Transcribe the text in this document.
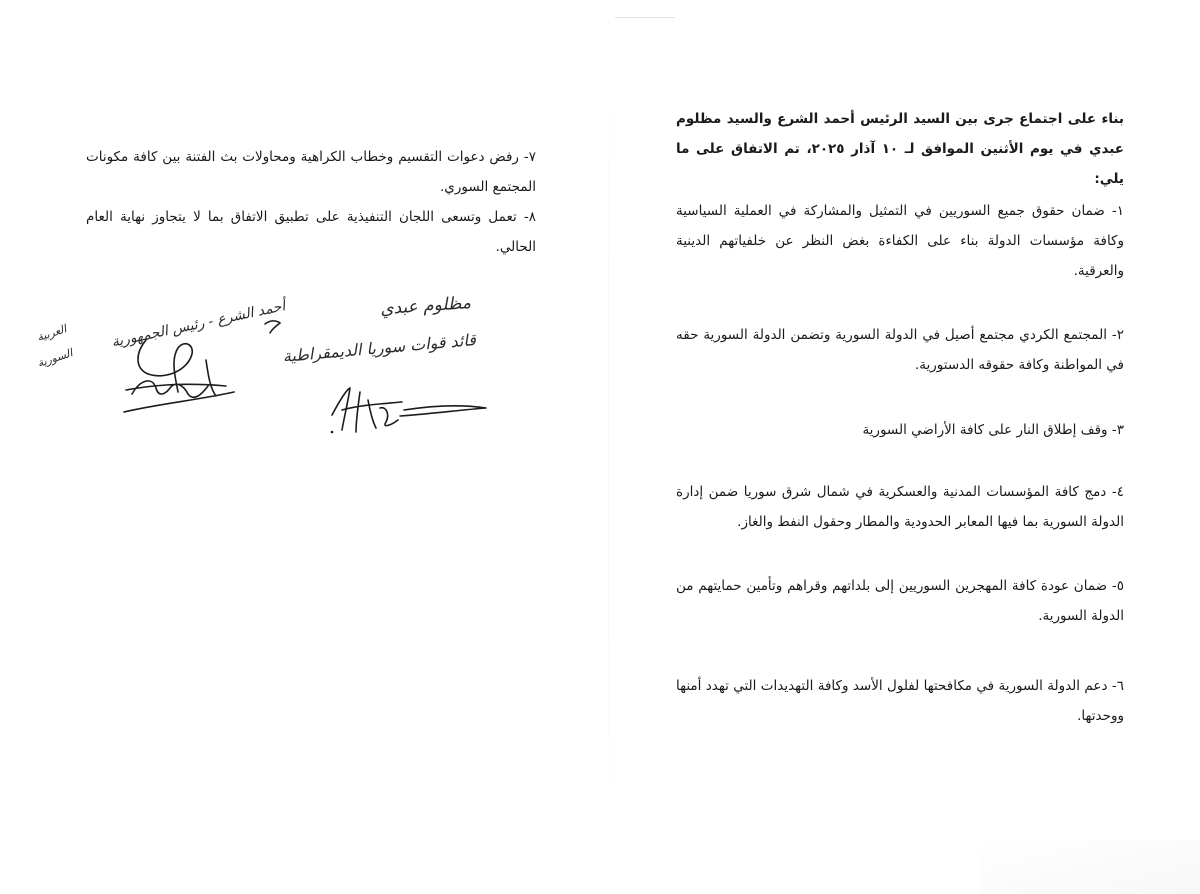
بناء على اجتماع جرى بين السيد الرئيس أحمد الشرع والسيد مظلوم عبدي في يوم الأثنين الموافق لـ ١٠ آذار ٢٠٢٥، تم الاتفاق على ما يلي:
١- ضمان حقوق جميع السوريين في التمثيل والمشاركة في العملية السياسية وكافة مؤسسات الدولة بناء على الكفاءة بغض النظر عن خلفياتهم الدينية والعرقية.
٢- المجتمع الكردي مجتمع أصيل في الدولة السورية وتضمن الدولة السورية حقه في المواطنة وكافة حقوقه الدستورية.
٣- وقف إطلاق النار على كافة الأراضي السورية
٤- دمج كافة المؤسسات المدنية والعسكرية في شمال شرق سوريا ضمن إدارة الدولة السورية بما فيها المعابر الحدودية والمطار وحقول النفط والغاز.
٥- ضمان عودة كافة المهجرين السوريين إلى بلداتهم وقراهم وتأمين حمايتهم من الدولة السورية.
٦- دعم الدولة السورية في مكافحتها لفلول الأسد وكافة التهديدات التي تهدد أمنها ووحدتها.
٧- رفض دعوات التقسيم وخطاب الكراهية ومحاولات بث الفتنة بين كافة مكونات المجتمع السوري.
٨- تعمل وتسعى اللجان التنفيذية على تطبيق الاتفاق بما لا يتجاوز نهاية العام الحالي.
مظلوم عبدي
قائد قوات سوريا الديمقراطية
أحمد الشرع - رئيس الجمهورية
العربية
السورية
